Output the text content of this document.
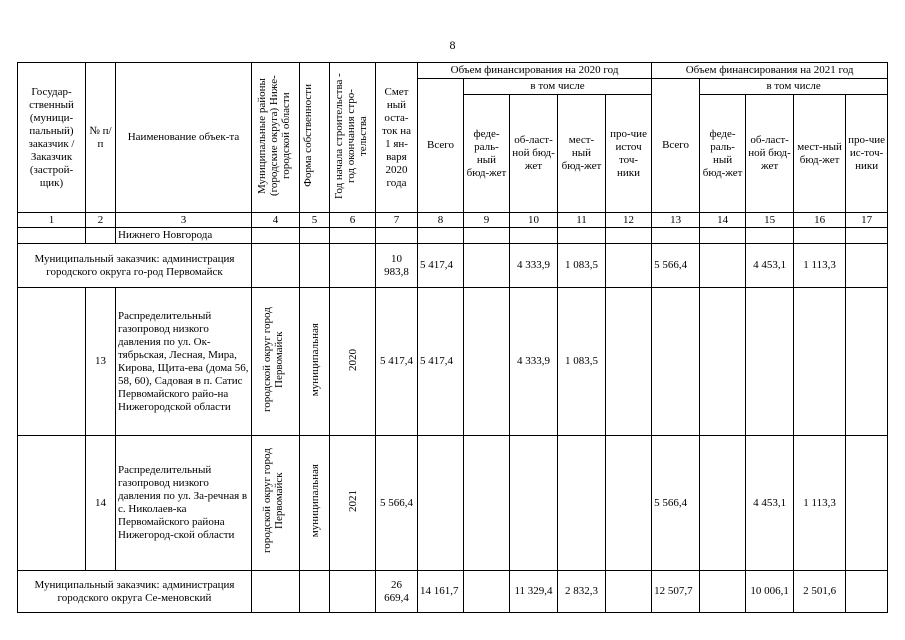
8
Государ-ственный (муници-пальный) заказчик /Заказчик (застрой-щик)	№ п/п	Наименование объек-та	Муниципальные районы (городские округа) Ниже-городской области	Форма собственности	Год начала строительства - год окончания стро-тельства	Смет ный оста-ток на 1 ян-варя 2020 года	Объем финансирования на 2020 год					Объем финансирования на 2021 год				
							Всего	в том числе				Всего	в том числе			
								феде-раль-ный бюд-жет	об-ласт-ной бюд-жет	мест-ный бюд-жет	про-чие источ точ-ники		феде-раль-ный бюд-жет	об-ласт-ной бюд-жет	мест-ный бюд-жет	про-чие ис-точ-ники
1	2	3	4	5	6	7	8	9	10	11	12	13	14	15	16	17
		Нижнего Новгорода														
Муниципальный заказчик: администрация городского округа го-род Первомайск						10 983,8	5 417,4		4 333,9	1 083,5		5 566,4		4 453,1	1 113,3	
	13	Распределительный газопровод низкого давления по ул. Ок-тябрьская, Лесная, Мира, Кирова, Щита-ева (дома 56, 58, 60), Садовая в п. Сатис Первомайского райо-на Нижегородской области	городской округ город Первомайск	муниципальная	2020	5 417,4	5 417,4		4 333,9	1 083,5						
	14	Распределительный газопровод низкого давления по ул. За-речная в с. Николаев-ка Первомайского района Нижегород-ской области	городской округ город Первомайск	муниципальная	2021	5 566,4						5 566,4		4 453,1	1 113,3	
Муниципальный заказчик: администрация городского округа Се-меновский						26 669,4	14 161,7		11 329,4	2 832,3		12 507,7		10 006,1	2 501,6	
